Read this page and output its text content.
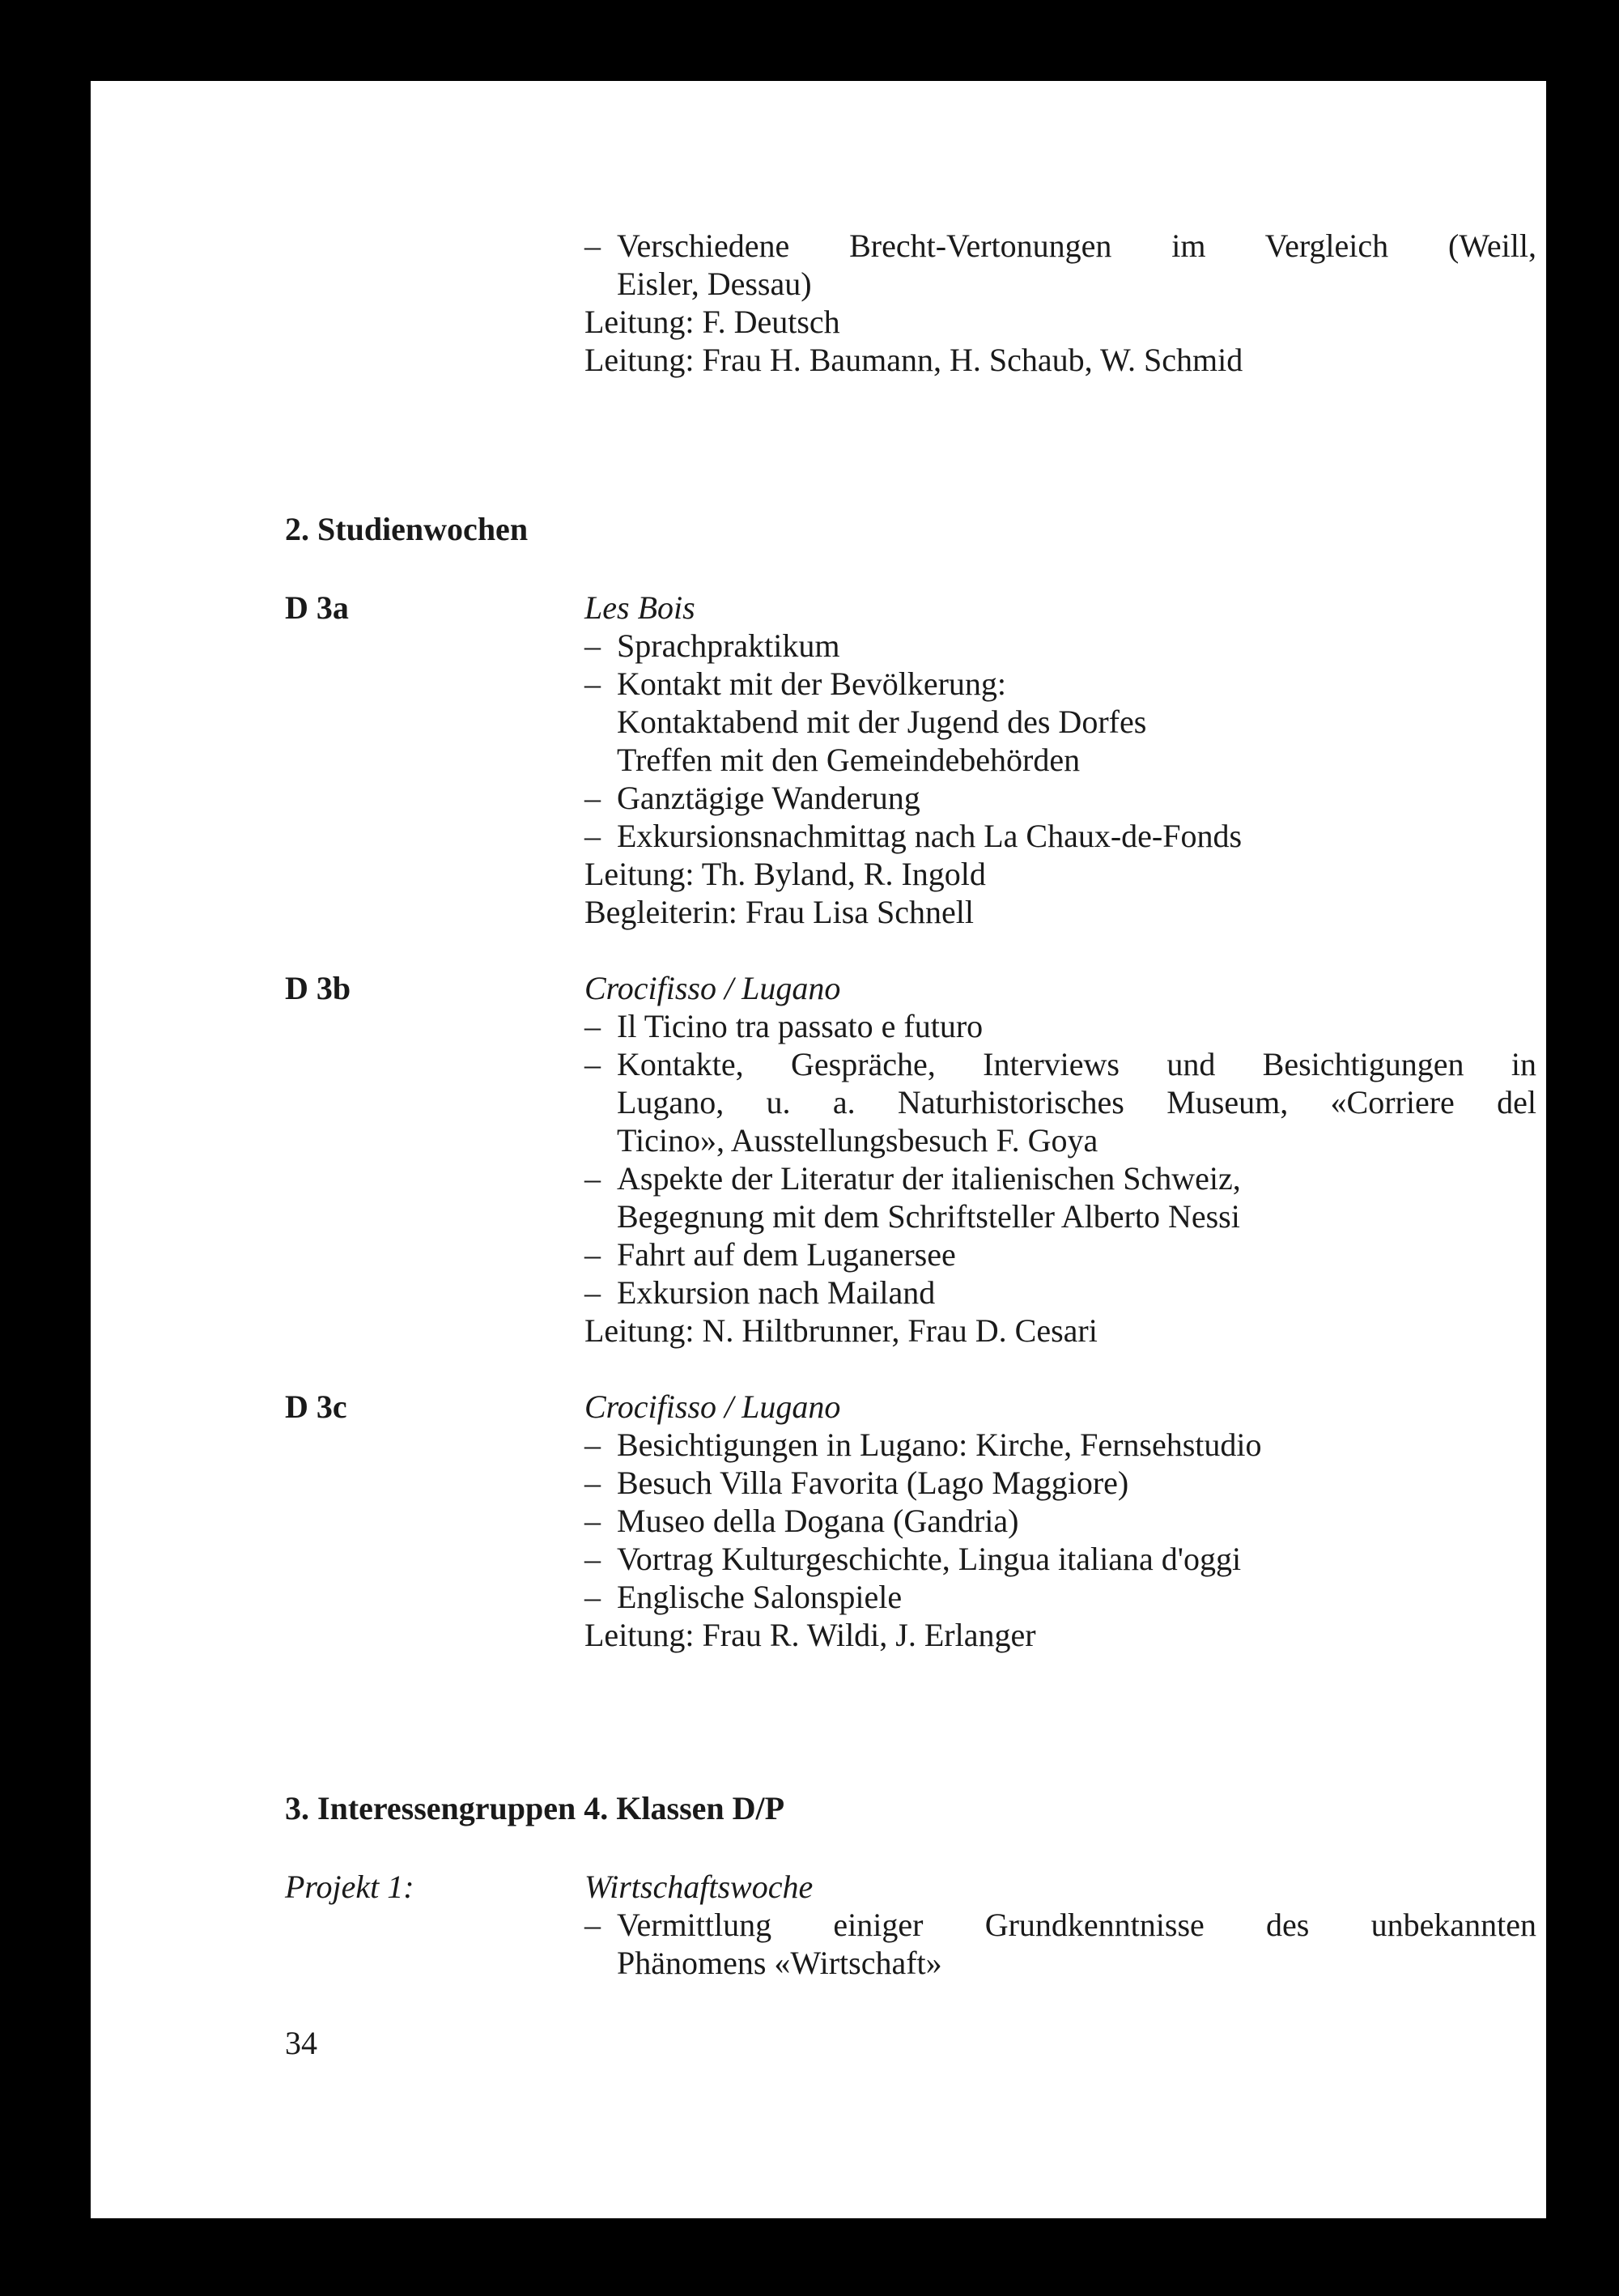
– Verschiedene Brecht-Vertonungen im Vergleich (Weill,
Eisler, Dessau)
Leitung: F. Deutsch
Leitung: Frau H. Baumann, H. Schaub, W. Schmid
2. Studienwochen
D 3a	Les Bois
– Sprachpraktikum
– Kontakt mit der Bevölkerung:
Kontaktabend mit der Jugend des Dorfes
Treffen mit den Gemeindebehörden
– Ganztägige Wanderung
– Exkursionsnachmittag nach La Chaux-de-Fonds
Leitung: Th. Byland, R. Ingold
Begleiterin: Frau Lisa Schnell
D 3b	Crocifisso / Lugano
– Il Ticino tra passato e futuro
– Kontakte, Gespräche, Interviews und Besichtigungen in
Lugano, u. a. Naturhistorisches Museum, «Corriere del
Ticino», Ausstellungsbesuch F. Goya
– Aspekte der Literatur der italienischen Schweiz,
Begegnung mit dem Schriftsteller Alberto Nessi
– Fahrt auf dem Luganersee
– Exkursion nach Mailand
Leitung: N. Hiltbrunner, Frau D. Cesari
D 3c	Crocifisso / Lugano
– Besichtigungen in Lugano: Kirche, Fernsehstudio
– Besuch Villa Favorita (Lago Maggiore)
– Museo della Dogana (Gandria)
– Vortrag Kulturgeschichte, Lingua italiana d'oggi
– Englische Salonspiele
Leitung: Frau R. Wildi, J. Erlanger
3. Interessengruppen 4. Klassen D/P
Projekt 1:	Wirtschaftswoche
– Vermittlung einiger Grundkenntnisse des unbekannten
Phänomens «Wirtschaft»
34
